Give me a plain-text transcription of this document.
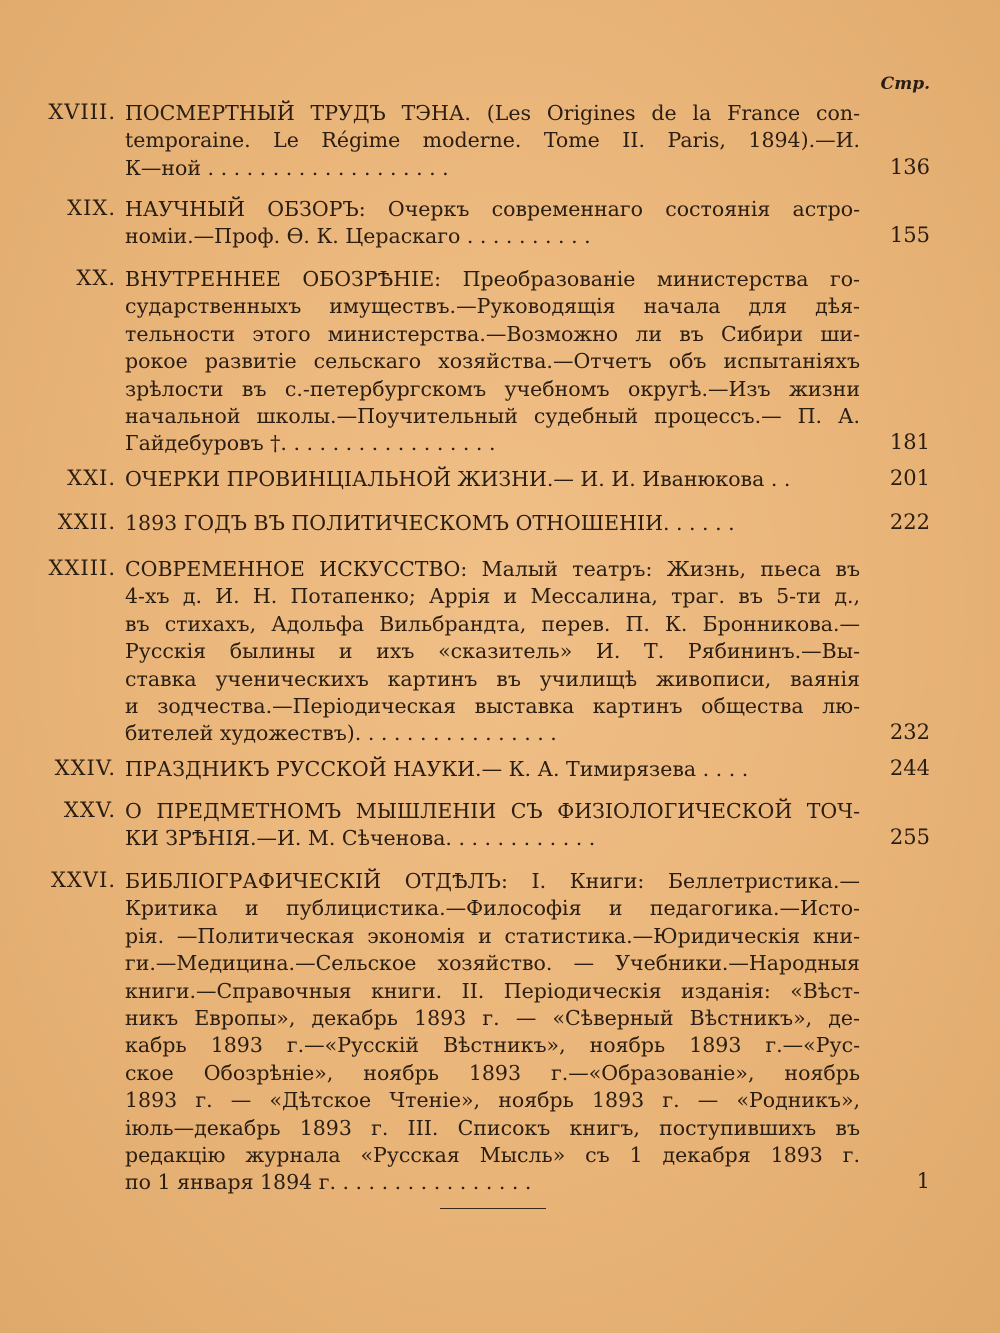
Стр.
XVIII. ПОСМЕРТНЫЙ ТРУДЪ ТЭНА. (Les Origines de la France con-
temporaine. Le Régime moderne. Tome II. Paris, 1894).—И.
К—ной . . . . . . . . . . . . . . . . . . .	136
XIX. НАУЧНЫЙ ОБЗОРЪ: Очеркъ современнаго состоянія астро-
номіи.—Проф. Ѳ. К. Цераскаго . . . . . . . . . .	155
XX. ВНУТРЕННЕЕ ОБОЗРѢНІЕ: Преобразованіе министерства го-
сударственныхъ имуществъ.—Руководящія начала для дѣя-
тельности этого министерства.—Возможно ли въ Сибири ши-
рокое развитіе сельскаго хозяйства.—Отчетъ объ испытаніяхъ
зрѣлости въ с.-петербургскомъ учебномъ округѣ.—Изъ жизни
начальной школы.—Поучительный судебный процессъ.— П. А.
Гайдебуровъ †. . . . . . . . . . . . . . . . .	181
XXI. ОЧЕРКИ ПРОВИНЦІАЛЬНОЙ ЖИЗНИ.— И. И. Иванюкова . .	201
XXII. 1893 ГОДЪ ВЪ ПОЛИТИЧЕСКОМЪ ОТНОШЕНІИ. . . . . .	222
XXIII. СОВРЕМЕННОЕ ИСКУССТВО: Малый театръ: Жизнь, пьеса въ
4-хъ д. И. Н. Потапенко; Аррія и Мессалина, траг. въ 5-ти д.,
въ стихахъ, Адольфа Вильбрандта, перев. П. К. Бронникова.—
Русскія былины и ихъ «сказитель» И. Т. Рябининъ.—Вы-
ставка ученическихъ картинъ въ училищѣ живописи, ваянія
и зодчества.—Періодическая выставка картинъ общества лю-
бителей художествъ). . . . . . . . . . . . . . . .	232
XXIV. ПРАЗДНИКЪ РУССКОЙ НАУКИ.— К. А. Тимирязева . . . .	244
XXV. О ПРЕДМЕТНОМЪ МЫШЛЕНІИ СЪ ФИЗІОЛОГИЧЕСКОЙ ТОЧ-
КИ ЗРѢНІЯ.—И. М. Сѣченова. . . . . . . . . . . .	255
XXVI. БИБЛІОГРАФИЧЕСКІЙ ОТДѢЛЪ: І. Книги: Беллетристика.—
Критика и публицистика.—Философія и педагогика.—Исто-
рія. —Политическая экономія и статистика.—Юридическія кни-
ги.—Медицина.—Сельское хозяйство. — Учебники.—Народныя
книги.—Справочныя книги. II. Періодическія изданія: «Вѣст-
никъ Европы», декабрь 1893 г. — «Сѣверный Вѣстникъ», де-
кабрь 1893 г.—«Русскій Вѣстникъ», ноябрь 1893 г.—«Рус-
ское Обозрѣніе», ноябрь 1893 г.—«Образованіе», ноябрь
1893 г. — «Дѣтское Чтеніе», ноябрь 1893 г. — «Родникъ»,
іюль—декабрь 1893 г. III. Списокъ книгъ, поступившихъ въ
редакцію журнала «Русская Мысль» съ 1 декабря 1893 г.
по 1 января 1894 г. . . . . . . . . . . . . . . .	1
